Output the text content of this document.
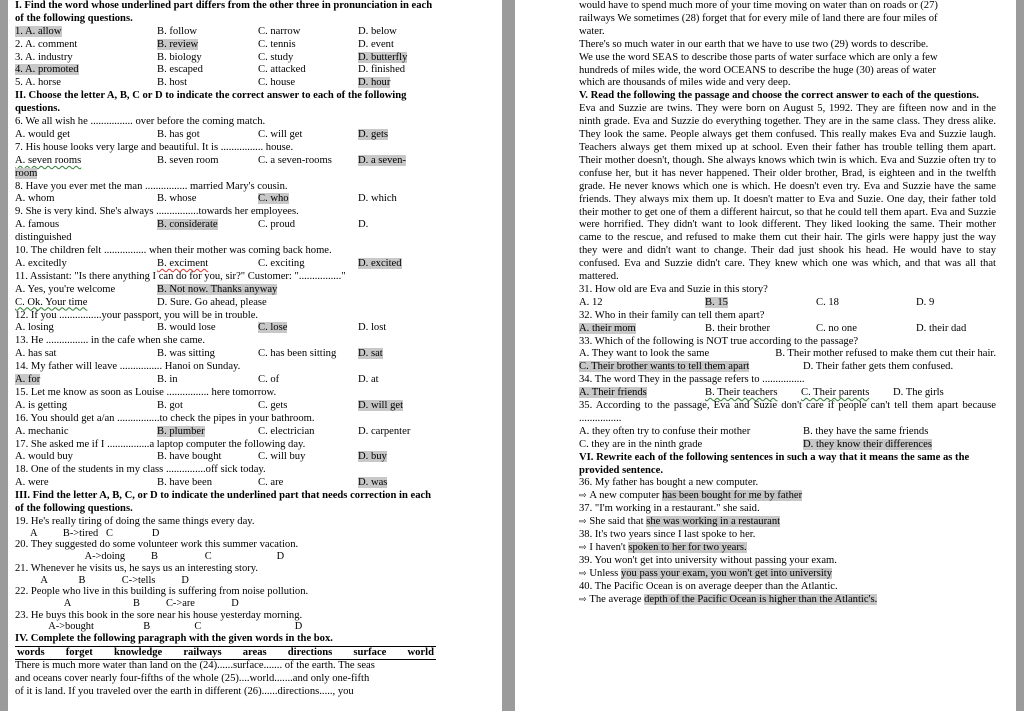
I. Find the word whose underlined part differs from the other three in pronunciation in each of the following questions.
1. A. allow	B. follow	C. narrow	D. below
2. A. comment	B. review	C. tennis	D. event
3. A. industry	B. biology	C. study	D. butterfly
4. A. promoted	B. escaped	C. attacked	D. finished
5. A. horse	B. host	C. house	D. hour
II. Choose the letter A, B, C or D to indicate the correct answer to each of the following questions.
6. We all wish he ................ over before the coming match.
A. would get	B. has got	C. will get	D. gets
7. His house looks very large and beautiful. It is ................ house.
A. seven rooms	B. seven room	C. a seven-rooms	D. a seven-
room
8. Have you ever met the man ................ married Mary's cousin.
A. whom	B. whose	C. who	D. which
9. She is very kind. She's always ................towards her employees.
A. famous	B. considerate	C. proud	D.
distinguished
10. The children felt ................ when their mother was coming back home.
A. excitedly	B. exciment	C. exciting	D. excited
11. Assistant: "Is there anything I can do for you, sir?" Customer: "................"
A. Yes, you're welcome	B. Not now. Thanks anyway
C. Ok. Your time	D. Sure. Go ahead, please
12. If you ................your passport, you will be in trouble.
A. losing	B. would lose	C. lose	D. lost
13. He ................ in the cafe when she came.
A. has sat	B. was sitting	C. has been sitting	D. sat
14. My father will leave ................ Hanoi on Sunday.
A. for	B. in	C. of	D. at
15. Let me know as soon as Louise ................ here tomorrow.
A. is getting	B. got	C. gets	D. will get
16. You should get a/an ................to check the pipes in your bathroom.
A. mechanic	B. plumber	C. electrician	D. carpenter
17. She asked me if I ................a laptop computer the following day.
A. would buy	B. have bought	C. will buy	D. buy
18. One of the students in my class ...............off sick today.
A. were	B. have been	C. are	D. was
III. Find the letter A, B, C, or D to indicate the underlined part that needs correction in each of the following questions.
19. He's really tiring of doing the same things every day.
A          B->tired   C               D
20. They suggested do some volunteer work this summer vacation.
A->doing          B                  C                         D
21. Whenever he visits us, he says us an interesting story.
A            B              C->tells          D
22. People who live in this building is suffering from noise pollution.
A                        B          C->are              D
23. He buys this book in the sore near his house yesterday morning.
A->bought                   B                 C                                    D
IV. Complete the following paragraph with the given words in the box.
words forget knowledge railways areas directions surface world
There is much more water than land on the (24)......surface....... of the earth. The seas
and oceans cover nearly four-fifths of the whole (25)....world.......and only one-fifth
of it is land. If you traveled over the earth in different (26)......directions....., you
would have to spend much more of your time moving on water than on roads or (27)
railways We sometimes (28) forget that for every mile of land there are four miles of
water.
There's so much water in our earth that we have to use two (29) words to describe.
We use the word SEAS to describe those parts of water surface which are only a few
hundreds of miles wide, the word OCEANS to describe the huge (30) areas of water
which are thousands of miles wide and very deep.
V. Read the following the passage and choose the correct answer to each of the questions.
Eva and Suzzie are twins. They were born on August 5, 1992. They are fifteen now and in the ninth grade. Eva and Suzzie do everything together. They are in the same class. They dress alike. They look the same. People always get them confused. This really makes Eva and Suzzie laugh. Teachers always get them mixed up at school. Even their father has trouble telling them apart. Their mother doesn't, though. She always knows which twin is which. Eva and Suzzie often try to confuse her, but it has never happened. Their older brother, Brad, is eighteen and in the twelfth grade. He never knows which one is which. He doesn't even try. Eva and Suzzie have the same friends. They always mix them up. It doesn't matter to Eva and Suzie. One day, their father told their mother to get one of them a different haircut, so that he could tell them apart. Eva and Suzzie were horrified. They didn't want to look different. They liked looking the same. Their mother came to the rescue, and refused to make them cut their hair. The girls were happy just the way they were and didn't want to change. Their dad just shook his head. He would have to stay confused. Eva and Suzzie didn't care. They knew which one was which, and that was all that mattered.
31. How old are Eva and Suzie in this story?
A. 12	B. 15	C. 18	D. 9
32. Who in their family can tell them apart?
A. their mom	B. their brother	C. no one	D. their dad
33. Which of the following is NOT true according to the passage?
A. They want to look the same	B. Their mother refused to make them cut their hair.
C. Their brother wants to tell them apart	D. Their father gets them confused.
34. The word They in the passage refers to ................
A. Their friends	B. Their teachers	C. Their parents	D. The girls
35. According to the passage, Eva and Suzie don't care if people can't tell them apart because ................
A. they often try to confuse their mother	B. they have the same friends
C. they are in the ninth grade	D. they know their differences
VI. Rewrite each of the following sentences in such a way that it means the same as the provided sentence.
36. My father has bought a new computer.
⇨ A new computer has been bought for me by father
37. "I'm working in a restaurant." she said.
⇨ She said that she was working in a restaurant
38. It's two years since I last spoke to her.
⇨ I haven't spoken to her for two years.
39. You won't get into university without passing your exam.
⇨ Unless you pass your exam, you won't get into university
40. The Pacific Ocean is on average deeper than the Atlantic.
⇨ The average depth of the Pacific Ocean is higher than the Atlantic's.
